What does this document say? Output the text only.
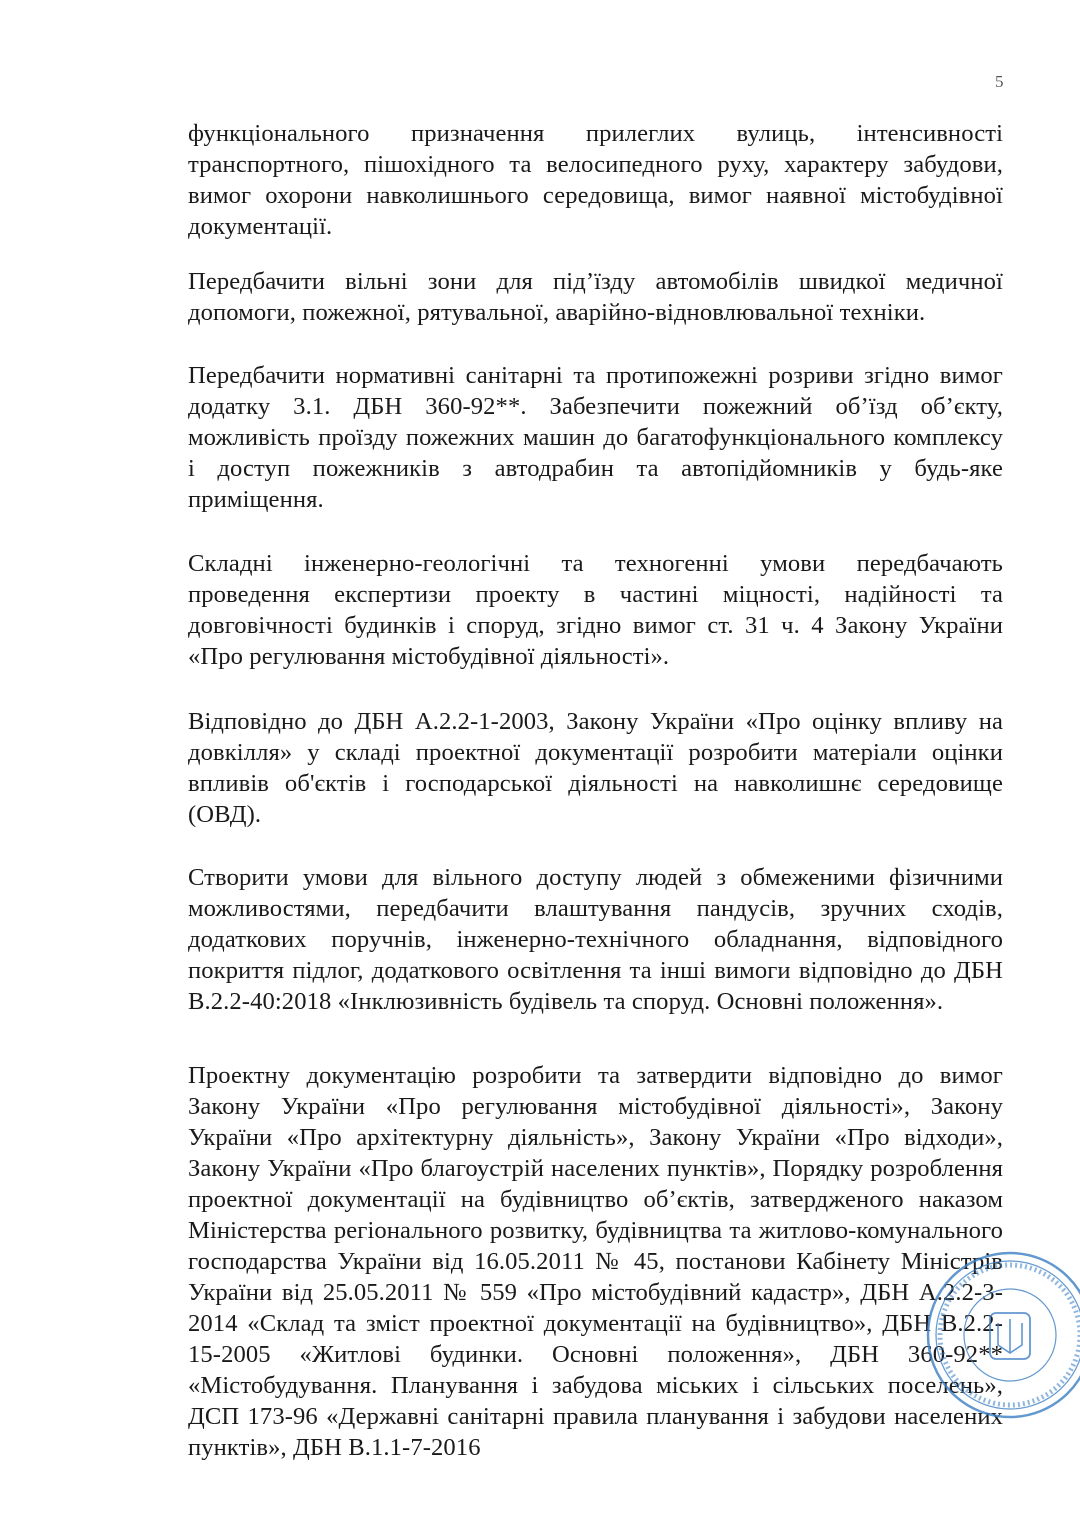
5

функціонального призначення прилеглих вулиць, інтенсивності транспортного, пішохідного та велосипедного руху, характеру забудови, вимог охорони навколишнього середовища, вимог наявної містобудівної документації.

Передбачити вільні зони для під’їзду автомобілів швидкої медичної допомоги, пожежної, рятувальної, аварійно-відновлювальної техніки.

Передбачити нормативні санітарні та протипожежні розриви згідно вимог додатку 3.1. ДБН 360-92**. Забезпечити пожежний об’їзд об’єкту, можливість проїзду пожежних машин до багатофункціонального комплексу і доступ пожежників з автодрабин та автопідйомників у будь-яке приміщення.

Складні інженерно-геологічні та техногенні умови передбачають проведення експертизи проекту в частині міцності, надійності та довговічності будинків і споруд, згідно вимог ст. 31 ч. 4 Закону України «Про регулювання містобудівної діяльності».

Відповідно до ДБН А.2.2-1-2003, Закону України «Про оцінку впливу на довкілля» у складі проектної документації розробити матеріали оцінки впливів об'єктів і господарської діяльності на навколишнє середовище (ОВД).

Створити умови для вільного доступу людей з обмеженими фізичними можливостями, передбачити влаштування пандусів, зручних сходів, додаткових поручнів, інженерно-технічного обладнання, відповідного покриття підлог, додаткового освітлення та інші вимоги відповідно до ДБН В.2.2-40:2018 «Інклюзивність будівель та споруд. Основні положення».

Проектну документацію розробити та затвердити відповідно до вимог Закону України «Про регулювання містобудівної діяльності», Закону України «Про архітектурну діяльність», Закону України «Про відходи», Закону України «Про благоустрій населених пунктів», Порядку розроблення проектної документації на будівництво об’єктів, затвердженого наказом Міністерства регіонального розвитку, будівництва та житлово-комунального господарства України від 16.05.2011 № 45, постанови Кабінету Міністрів України від 25.05.2011 № 559 «Про містобудівний кадастр», ДБН А.2.2-3-2014 «Склад та зміст проектної документації на будівництво», ДБН В.2.2-15-2005 «Житлові будинки. Основні положення», ДБН 360-92** «Містобудування. Планування і забудова міських і сільських поселень», ДСП 173-96 «Державні санітарні правила планування і забудови населених пунктів», ДБН В.1.1-7-2016
